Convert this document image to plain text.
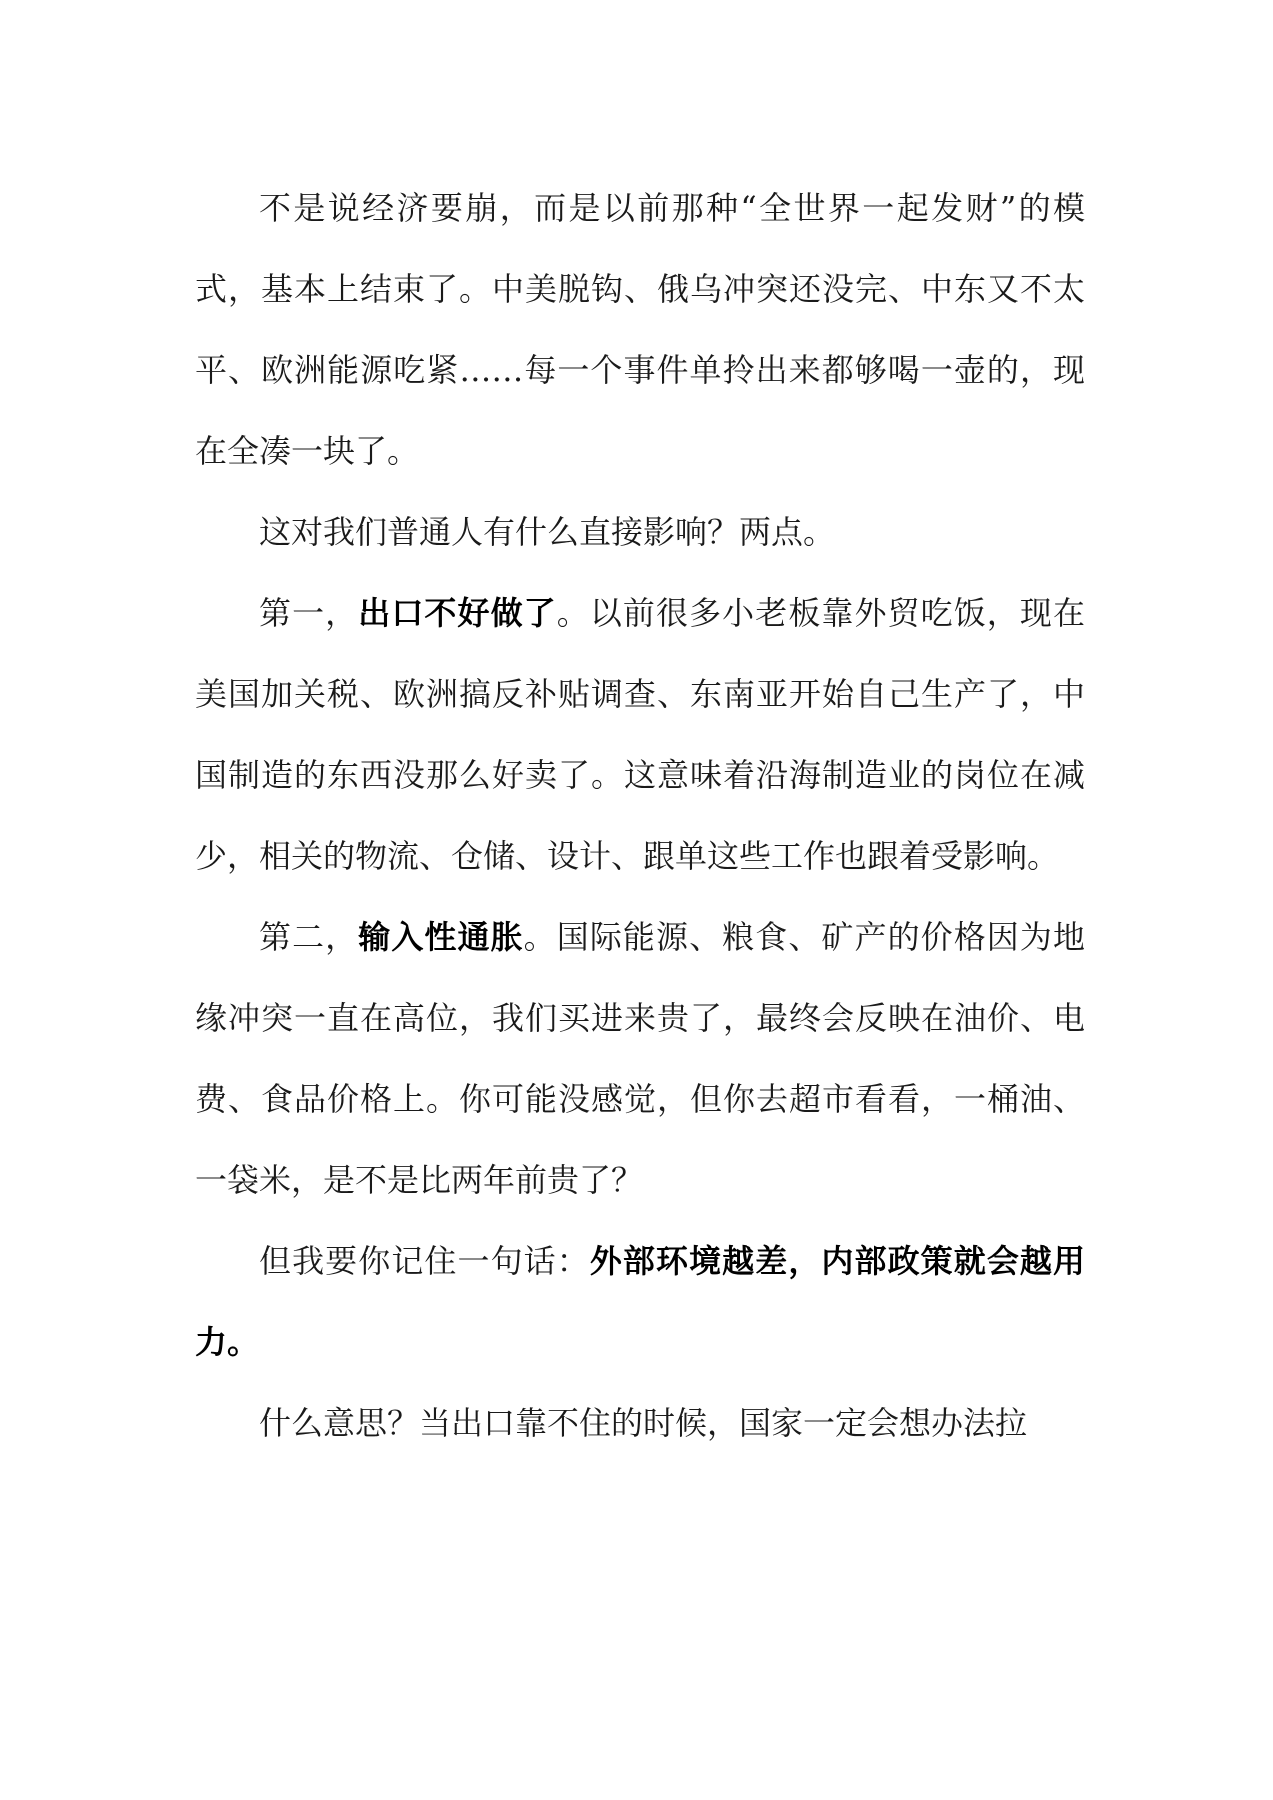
不是说经济要崩，而是以前那种“全世界一起发财”的模式，基本上结束了。中美脱钩、俄乌冲突还没完、中东又不太平、欧洲能源吃紧……每一个事件单拎出来都够喝一壶的，现在全凑一块了。

这对我们普通人有什么直接影响？两点。

第一，出口不好做了。以前很多小老板靠外贸吃饭，现在美国加关税、欧洲搞反补贴调查、东南亚开始自己生产了，中国制造的东西没那么好卖了。这意味着沿海制造业的岗位在减少，相关的物流、仓储、设计、跟单这些工作也跟着受影响。

第二，输入性通胀。国际能源、粮食、矿产的价格因为地缘冲突一直在高位，我们买进来贵了，最终会反映在油价、电费、食品价格上。你可能没感觉，但你去超市看看，一桶油、一袋米，是不是比两年前贵了？

但我要你记住一句话：外部环境越差，内部政策就会越用力。

什么意思？当出口靠不住的时候，国家一定会想办法拉
